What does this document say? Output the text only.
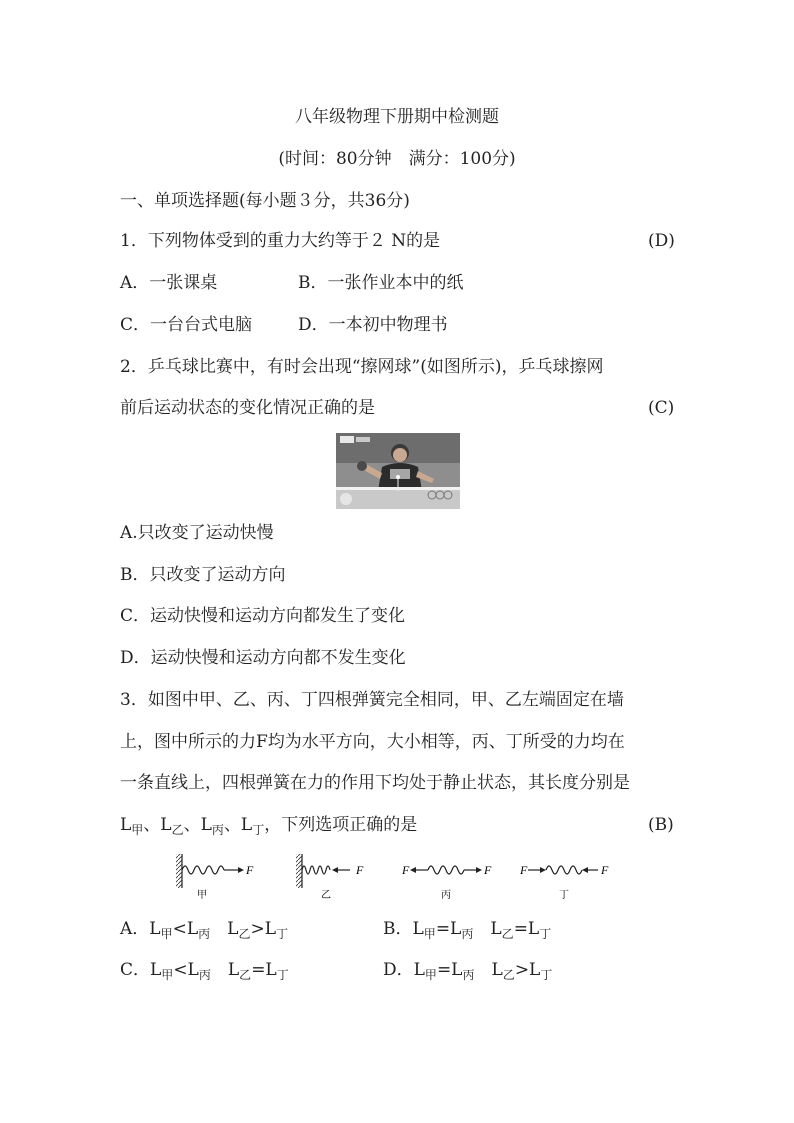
八年级物理下册期中检测题
(时间：80分钟　满分：100分)
一、单项选择题(每小题３分，共36分)
1．下列物体受到的重力大约等于２ N的是	(D)
A．一张课桌	B．一张作业本中的纸
C．一台台式电脑	D．一本初中物理书
2．乒乓球比赛中，有时会出现“擦网球”(如图所示)，乒乓球擦网
前后运动状态的变化情况正确的是	(C)
A.只改变了运动快慢
B．只改变了运动方向
C．运动快慢和运动方向都发生了变化
D．运动快慢和运动方向都不发生变化
3．如图中甲、乙、丙、丁四根弹簧完全相同，甲、乙左端固定在墙
上，图中所示的力F均为水平方向，大小相等，丙、丁所受的力均在
一条直线上，四根弹簧在力的作用下均处于静止状态，其长度分别是
$L_甲$、$L_乙$、$L_丙$、$L_丁$，下列选项正确的是	(B)
F
甲
F
乙
F	F
丙
F	F
丁
A．$L_甲<L_丙$　$L_乙>L_丁$	B．$L_甲=L_丙$　$L_乙=L_丁$
C．$L_甲<L_丙$　$L_乙=L_丁$	D．$L_甲=L_丙$　$L_乙>L_丁$
